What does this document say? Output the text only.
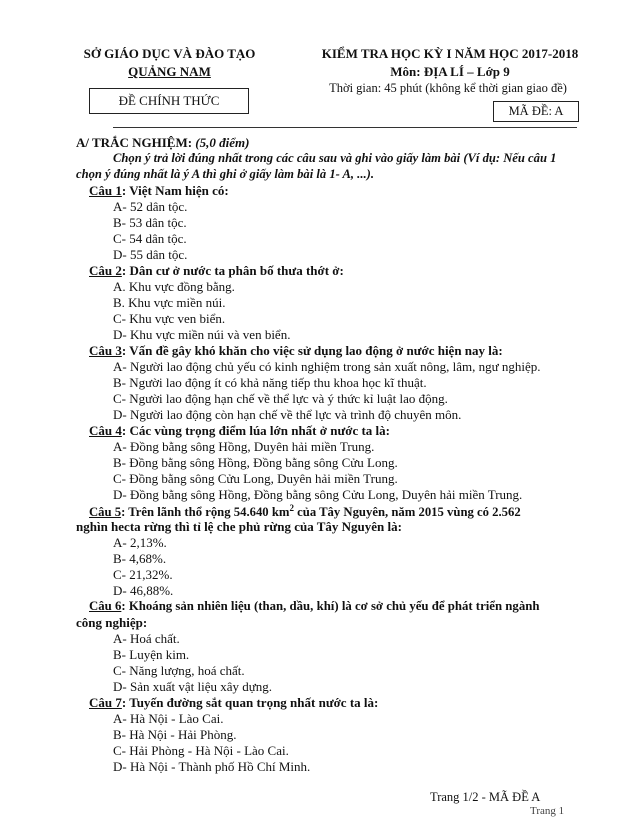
SỞ GIÁO DỤC VÀ ĐÀO TẠO
QUẢNG NAM
ĐỀ CHÍNH THỨC
KIỂM TRA HỌC KỲ I NĂM HỌC 2017-2018
Môn: ĐỊA LÍ – Lớp 9
Thời gian: 45 phút (không kể thời gian giao đề)
MÃ ĐỀ: A
A/ TRẮC NGHIỆM: (5,0 điểm)
Chọn ý trả lời đúng nhất trong các câu sau và ghi vào giấy làm bài (Ví dụ: Nếu câu 1
chọn ý đúng nhất là ý A thì ghi ở giấy làm bài là 1- A, ...).
Câu 1: Việt Nam hiện có:
A- 52 dân tộc.
B- 53 dân tộc.
C- 54 dân tộc.
D- 55 dân tộc.
Câu 2: Dân cư ở nước ta phân bố thưa thớt ở:
A. Khu vực đồng bằng.
B. Khu vực miền núi.
C- Khu vực ven biển.
D- Khu vực miền núi và ven biển.
Câu 3: Vấn đề gây khó khăn cho việc sử dụng lao động ở nước hiện nay là:
A- Người lao động chủ yếu có kinh nghiệm trong sản xuất nông, lâm, ngư nghiệp.
B- Người lao động ít có khả năng tiếp thu khoa học kĩ thuật.
C- Người lao động hạn chế về thể lực và ý thức kỉ luật lao động.
D- Người lao động còn hạn chế về thể lực và trình độ chuyên môn.
Câu 4: Các vùng trọng điểm lúa lớn nhất ở nước ta là:
A- Đồng bằng sông Hồng, Duyên hải miền Trung.
B- Đồng bằng sông Hồng, Đồng bằng sông Cửu Long.
C- Đồng bằng sông Cửu Long, Duyên hải miền Trung.
D- Đồng bằng sông Hồng, Đồng bằng sông Cửu Long, Duyên hải miền Trung.
Câu 5: Trên lãnh thổ rộng 54.640 $km^2$ của Tây Nguyên, năm 2015 vùng có 2.562
nghìn hecta rừng thì tỉ lệ che phủ rừng của Tây Nguyên là:
A- 2,13%.
B- 4,68%.
C- 21,32%.
D- 46,88%.
Câu 6: Khoáng sản nhiên liệu (than, dầu, khí) là cơ sở chủ yếu để phát triển ngành
công nghiệp:
A- Hoá chất.
B- Luyện kim.
C- Năng lượng, hoá chất.
D- Sản xuất vật liệu xây dựng.
Câu 7: Tuyến đường sắt quan trọng nhất nước ta là:
A- Hà Nội - Lào Cai.
B- Hà Nội - Hải Phòng.
C- Hải Phòng - Hà Nội - Lào Cai.
D- Hà Nội - Thành phố Hồ Chí Minh.
Trang 1/2 - MÃ ĐỀ A
Trang 1
